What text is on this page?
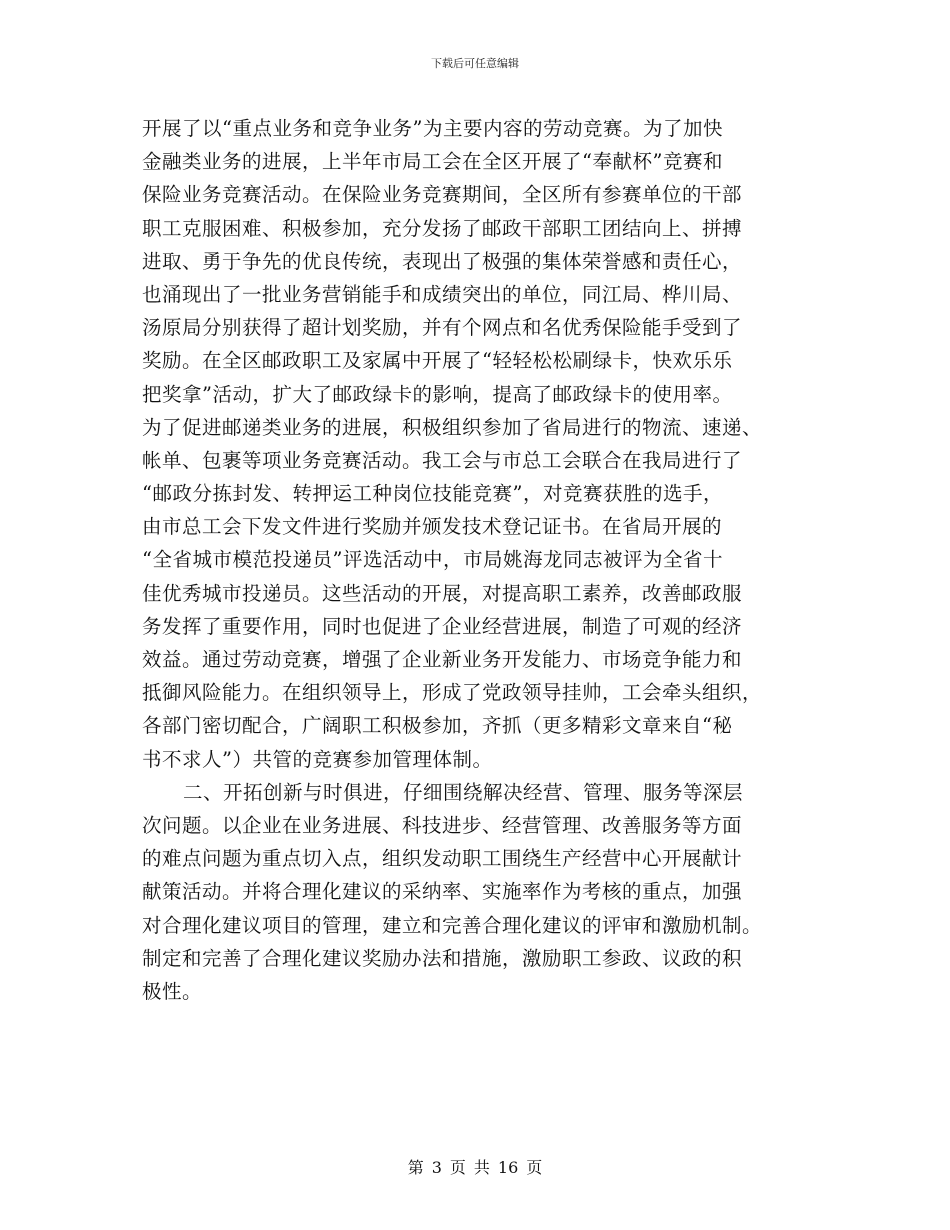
下载后可任意编辑
开展了以“重点业务和竞争业务”为主要内容的劳动竞赛。为了加快
金融类业务的进展，上半年市局工会在全区开展了“奉献杯”竞赛和
保险业务竞赛活动。在保险业务竞赛期间，全区所有参赛单位的干部
职工克服困难、积极参加，充分发扬了邮政干部职工团结向上、拼搏
进取、勇于争先的优良传统，表现出了极强的集体荣誉感和责任心，
也涌现出了一批业务营销能手和成绩突出的单位，同江局、桦川局、
汤原局分别获得了超计划奖励，并有个网点和名优秀保险能手受到了
奖励。在全区邮政职工及家属中开展了“轻轻松松刷绿卡，快欢乐乐
把奖拿”活动，扩大了邮政绿卡的影响，提高了邮政绿卡的使用率。
为了促进邮递类业务的进展，积极组织参加了省局进行的物流、速递、
帐单、包裹等项业务竞赛活动。我工会与市总工会联合在我局进行了
“邮政分拣封发、转押运工种岗位技能竞赛”，对竞赛获胜的选手，
由市总工会下发文件进行奖励并颁发技术登记证书。在省局开展的
“全省城市模范投递员”评选活动中，市局姚海龙同志被评为全省十
佳优秀城市投递员。这些活动的开展，对提高职工素养，改善邮政服
务发挥了重要作用，同时也促进了企业经营进展，制造了可观的经济
效益。通过劳动竞赛，增强了企业新业务开发能力、市场竞争能力和
抵御风险能力。在组织领导上，形成了党政领导挂帅，工会牵头组织，
各部门密切配合，广阔职工积极参加，齐抓（更多精彩文章来自“秘
书不求人”）共管的竞赛参加管理体制。
二、开拓创新与时俱进，仔细围绕解决经营、管理、服务等深层
次问题。以企业在业务进展、科技进步、经营管理、改善服务等方面
的难点问题为重点切入点，组织发动职工围绕生产经营中心开展献计
献策活动。并将合理化建议的采纳率、实施率作为考核的重点，加强
对合理化建议项目的管理，建立和完善合理化建议的评审和激励机制。
制定和完善了合理化建议奖励办法和措施，激励职工参政、议政的积
极性。
第 3 页 共 16 页
